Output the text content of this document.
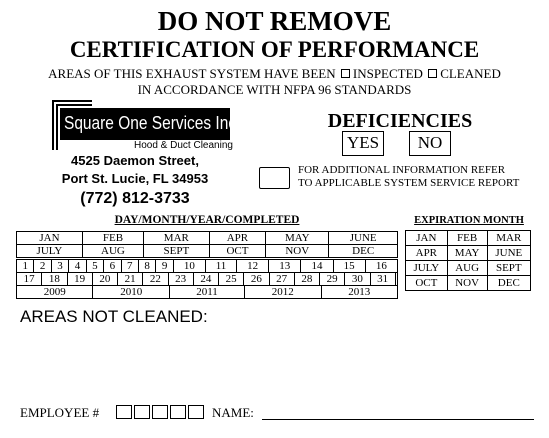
DO NOT REMOVE
CERTIFICATION OF PERFORMANCE
AREAS OF THIS EXHAUST SYSTEM HAVE BEEN INSPECTED CLEANED
IN ACCORDANCE WITH NFPA 96 STANDARDS
Square One Services Inc
Hood & Duct Cleaning
4525 Daemon Street,
Port St. Lucie, FL 34953
(772) 812-3733
DEFICIENCIES
YES	NO
FOR ADDITIONAL INFORMATION REFER
TO APPLICABLE SYSTEM SERVICE REPORT
DAY/MONTH/YEAR/COMPLETED
JAN	FEB	MAR	APR	MAY	JUNE
JULY	AUG	SEPT	OCT	NOV	DEC
1	2	3	4	5	6	7	8	9	10	11	12	13	14	15	16
17	18	19	20	21	22	23	24	25	26	27	28	29	30	31	
2009	2010	2011	2012	2013
EXPIRATION MONTH
JAN	FEB	MAR
APR	MAY	JUNE
JULY	AUG	SEPT
OCT	NOV	DEC
AREAS NOT CLEANED:
EMPLOYEE #	NAME:
